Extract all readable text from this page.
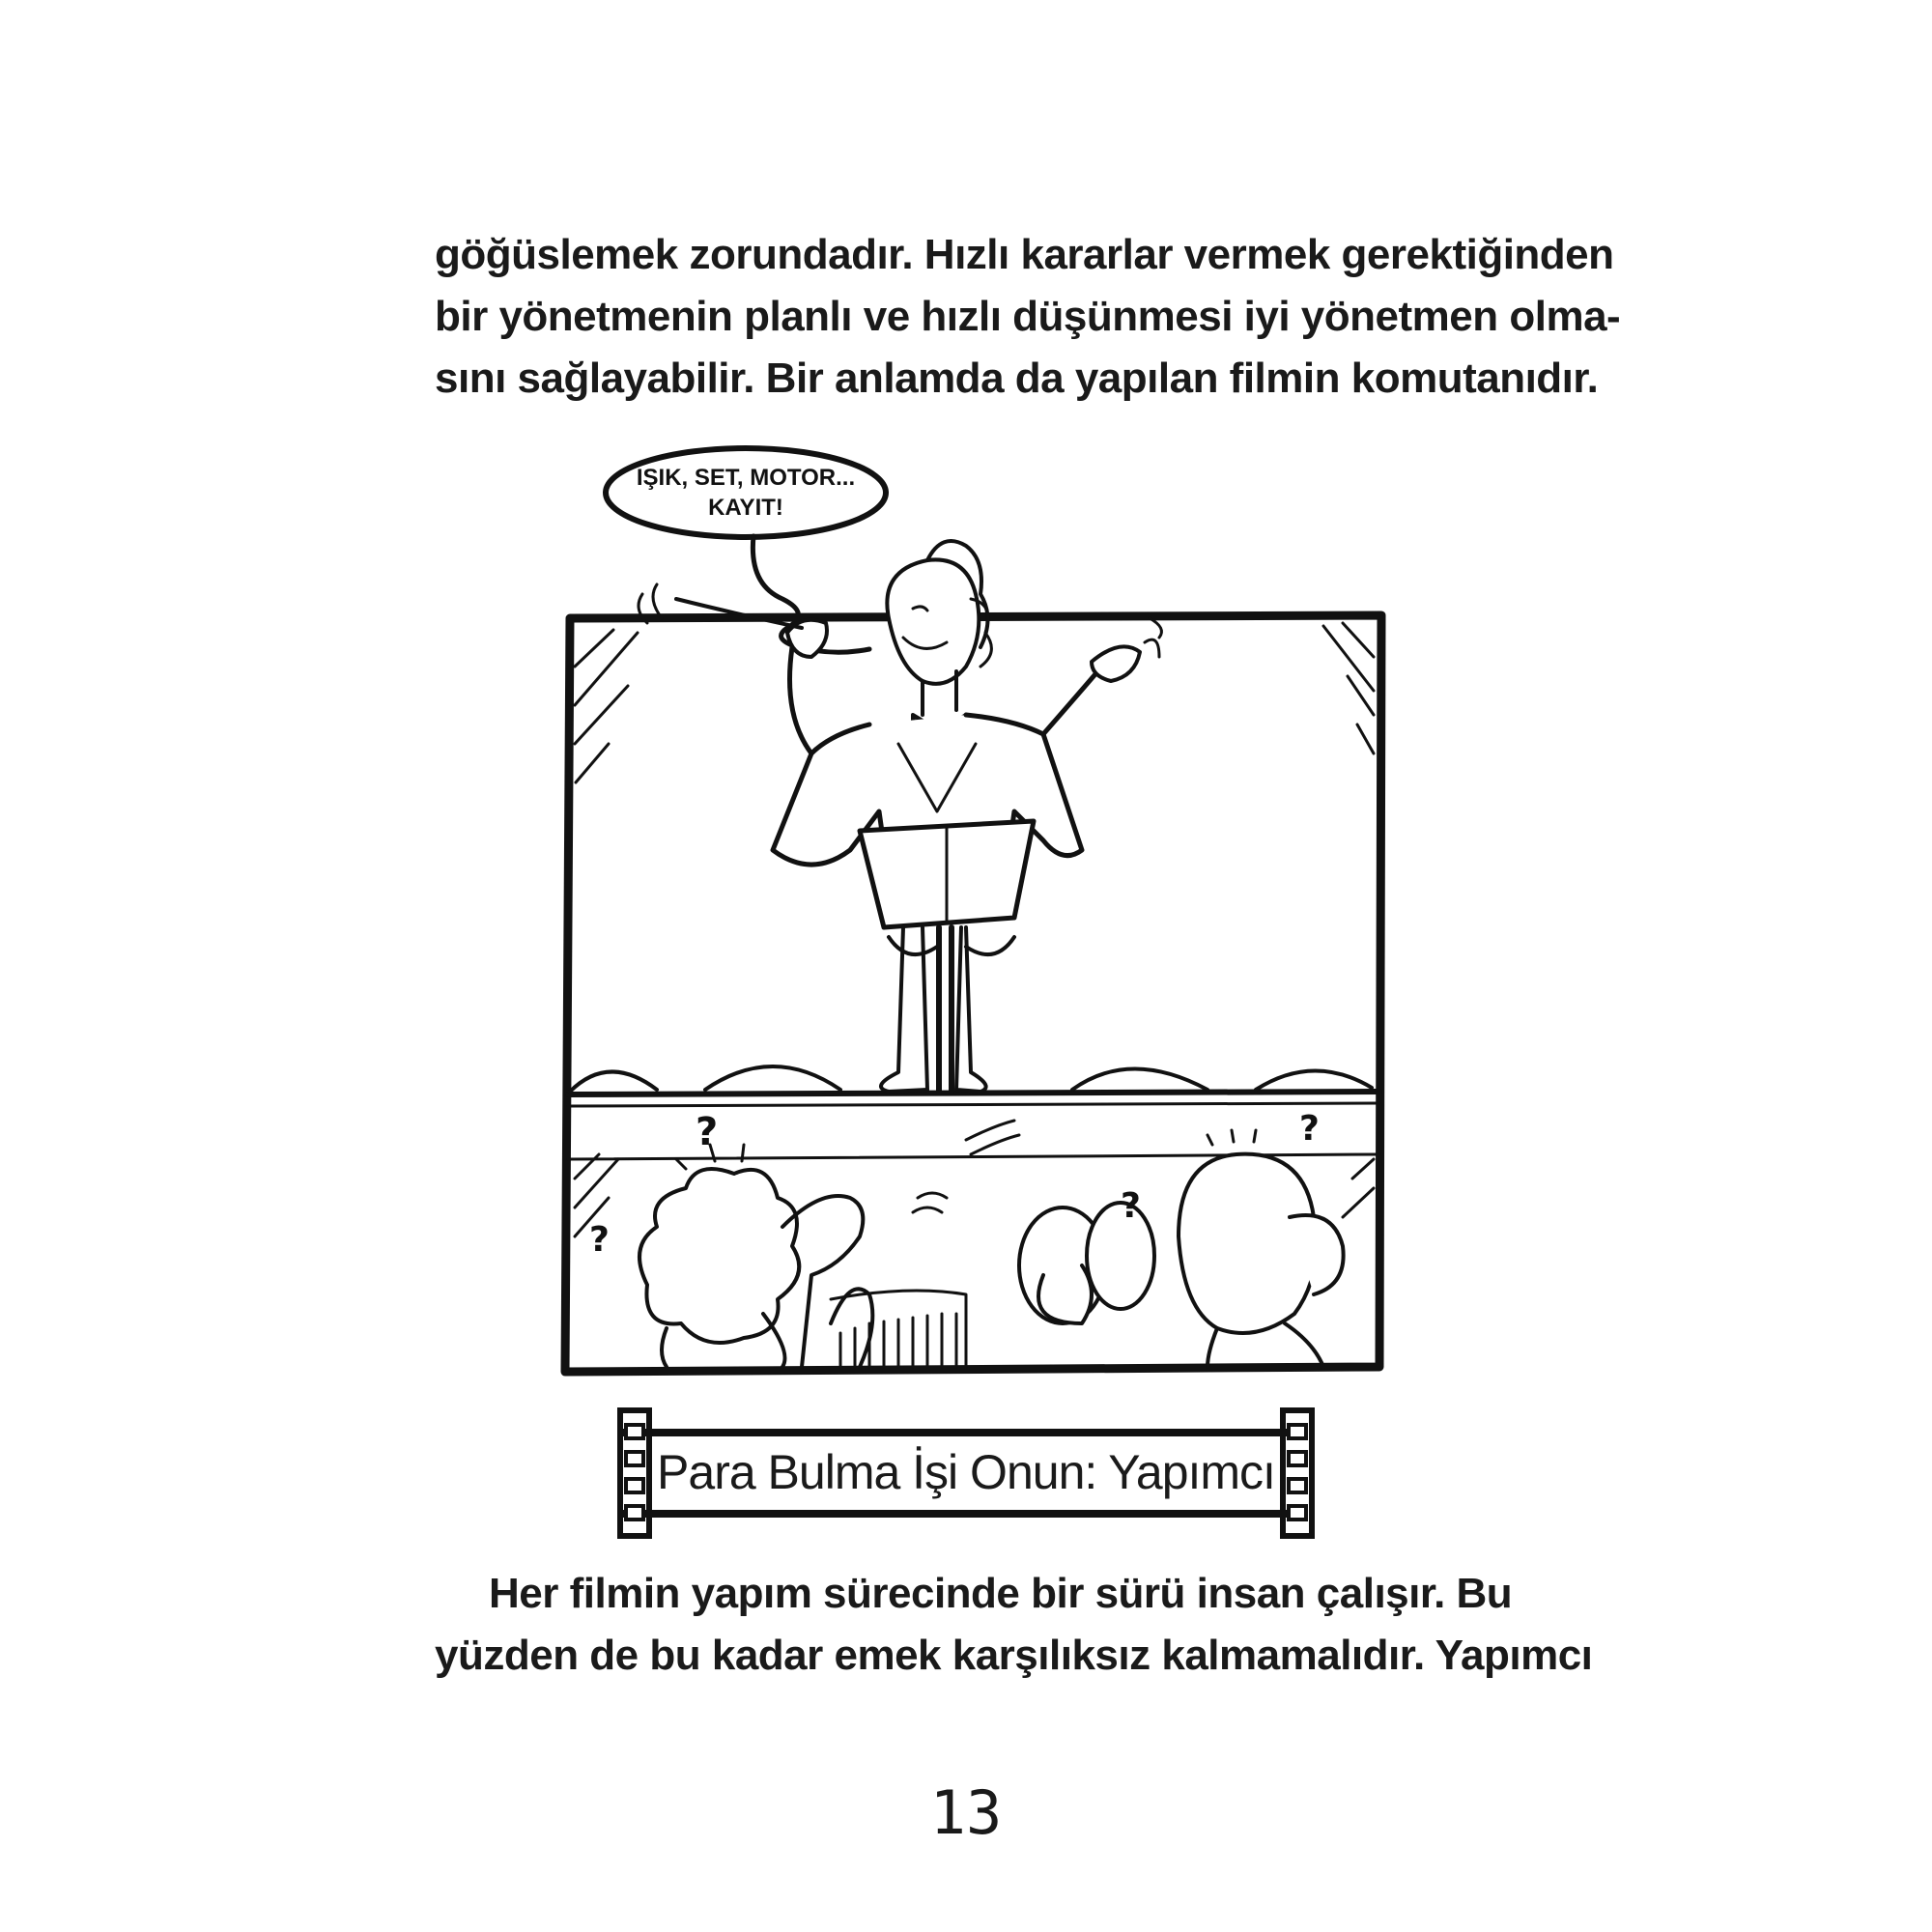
göğüslemek zorundadır. Hızlı kararlar vermek gerektiğinden
bir yönetmenin planlı ve hızlı düşünmesi iyi yönetmen olma-
sını sağlayabilir. Bir anlamda da yapılan filmin komutanıdır.
?
?
?
?
IŞIK, SET, MOTOR...
KAYIT!
Para Bulma İşi Onun: Yapımcı
Her filmin yapım sürecinde bir sürü insan çalışır. Bu
yüzden de bu kadar emek karşılıksız kalmamalıdır. Yapımcı
13
